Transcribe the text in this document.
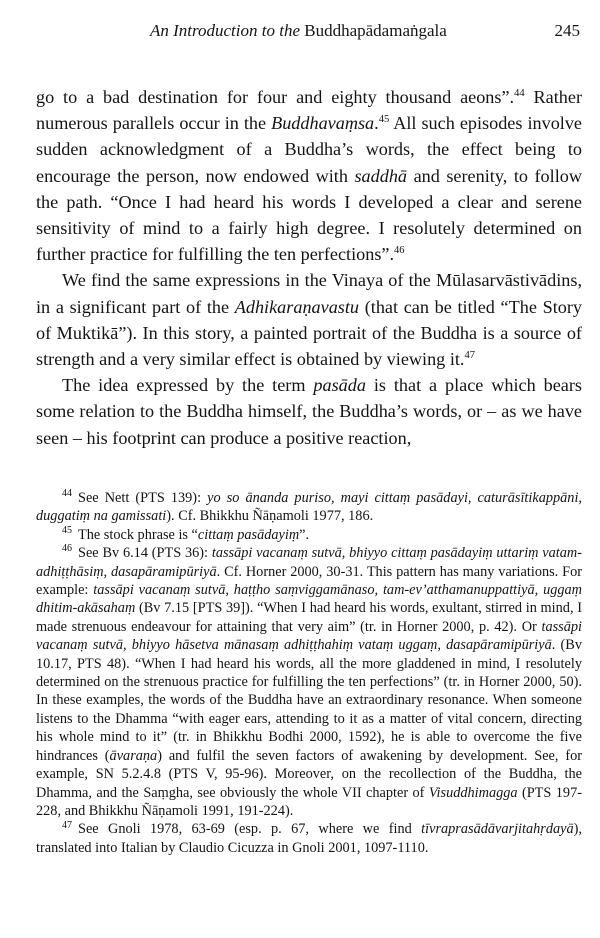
An Introduction to the Buddhapādamaṅgala	245

go to a bad destination for four and eighty thousand aeons”.$^{44}$ Rather numerous parallels occur in the Buddhavaṃsa.$^{45}$ All such episodes involve sudden acknowledgment of a Buddha’s words, the effect being to encourage the person, now endowed with saddhā and serenity, to follow the path. “Once I had heard his words I developed a clear and serene sensitivity of mind to a fairly high degree. I resolutely determined on further practice for fulfilling the ten perfections”.$^{46}$

We find the same expressions in the Vinaya of the Mūlasarvāstivādins, in a significant part of the Adhikaraṇavastu (that can be titled “The Story of Muktikā”). In this story, a painted portrait of the Buddha is a source of strength and a very similar effect is obtained by viewing it.$^{47}$

The idea expressed by the term pasāda is that a place which bears some relation to the Buddha himself, the Buddha’s words, or – as we have seen – his footprint can produce a positive reaction,

$^{44}$ See Nett (PTS 139): yo so ānanda puriso, mayi cittaṃ pasādayi, caturāsītikappāni, duggatiṃ na gamissati). Cf. Bhikkhu Ñāṇamoli 1977, 186.

$^{45}$ The stock phrase is “cittaṃ pasādayiṃ”.

$^{46}$ See Bv 6.14 (PTS 36): tassāpi vacanaṃ sutvā, bhiyyo cittaṃ pasādayiṃ uttariṃ vatam-adhiṭṭhāsiṃ, dasapāramipūriyā. Cf. Horner 2000, 30-31. This pattern has many variations. For example: tassāpi vacanaṃ sutvā, haṭṭho saṃviggamānaso, tam-ev’atthamanuppattiyā, uggaṃ dhitim-akāsahaṃ (Bv 7.15 [PTS 39]). “When I had heard his words, exultant, stirred in mind, I made strenuous endeavour for attaining that very aim” (tr. in Horner 2000, p. 42). Or tassāpi vacanaṃ sutvā, bhiyyo hāsetva mānasaṃ adhiṭṭhahiṃ vataṃ uggaṃ, dasapāramipūriyā. (Bv 10.17, PTS 48). “When I had heard his words, all the more gladdened in mind, I resolutely determined on the strenuous practice for fulfilling the ten perfections” (tr. in Horner 2000, 50). In these examples, the words of the Buddha have an extraordinary resonance. When someone listens to the Dhamma “with eager ears, attending to it as a matter of vital concern, directing his whole mind to it” (tr. in Bhikkhu Bodhi 2000, 1592), he is able to overcome the five hindrances (āvaraṇa) and fulfil the seven factors of awakening by development. See, for example, SN 5.2.4.8 (PTS V, 95-96). Moreover, on the recollection of the Buddha, the Dhamma, and the Saṃgha, see obviously the whole VII chapter of Visuddhimagga (PTS 197-228, and Bhikkhu Ñāṇamoli 1991, 191-224).

$^{47}$ See Gnoli 1978, 63-69 (esp. p. 67, where we find tīvraprasādāvarjitahṛdayā), translated into Italian by Claudio Cicuzza in Gnoli 2001, 1097-1110.
